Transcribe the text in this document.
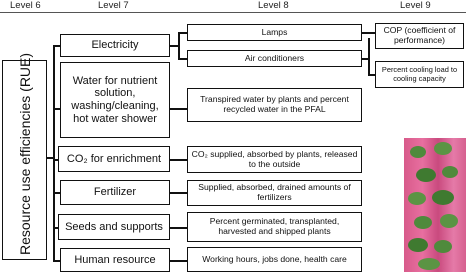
Level 6	Level 7	Level 8	Level 9
Resource use efficiencies (RUE)
Electricity
Water for nutrient solution, washing/cleaning, hot water shower
CO₂ for enrichment
Fertilizer
Seeds and supports
Human resource
Lamps
Air conditioners
Transpired water by plants and percent recycled water in the PFAL
CO₂ supplied, absorbed by plants, released to the outside
Supplied, absorbed, drained amounts of fertilizers
Percent germinated, transplanted, harvested and shipped plants
Working hours, jobs done, health care
COP (coefficient of performance)
Percent cooling load to cooling capacity
